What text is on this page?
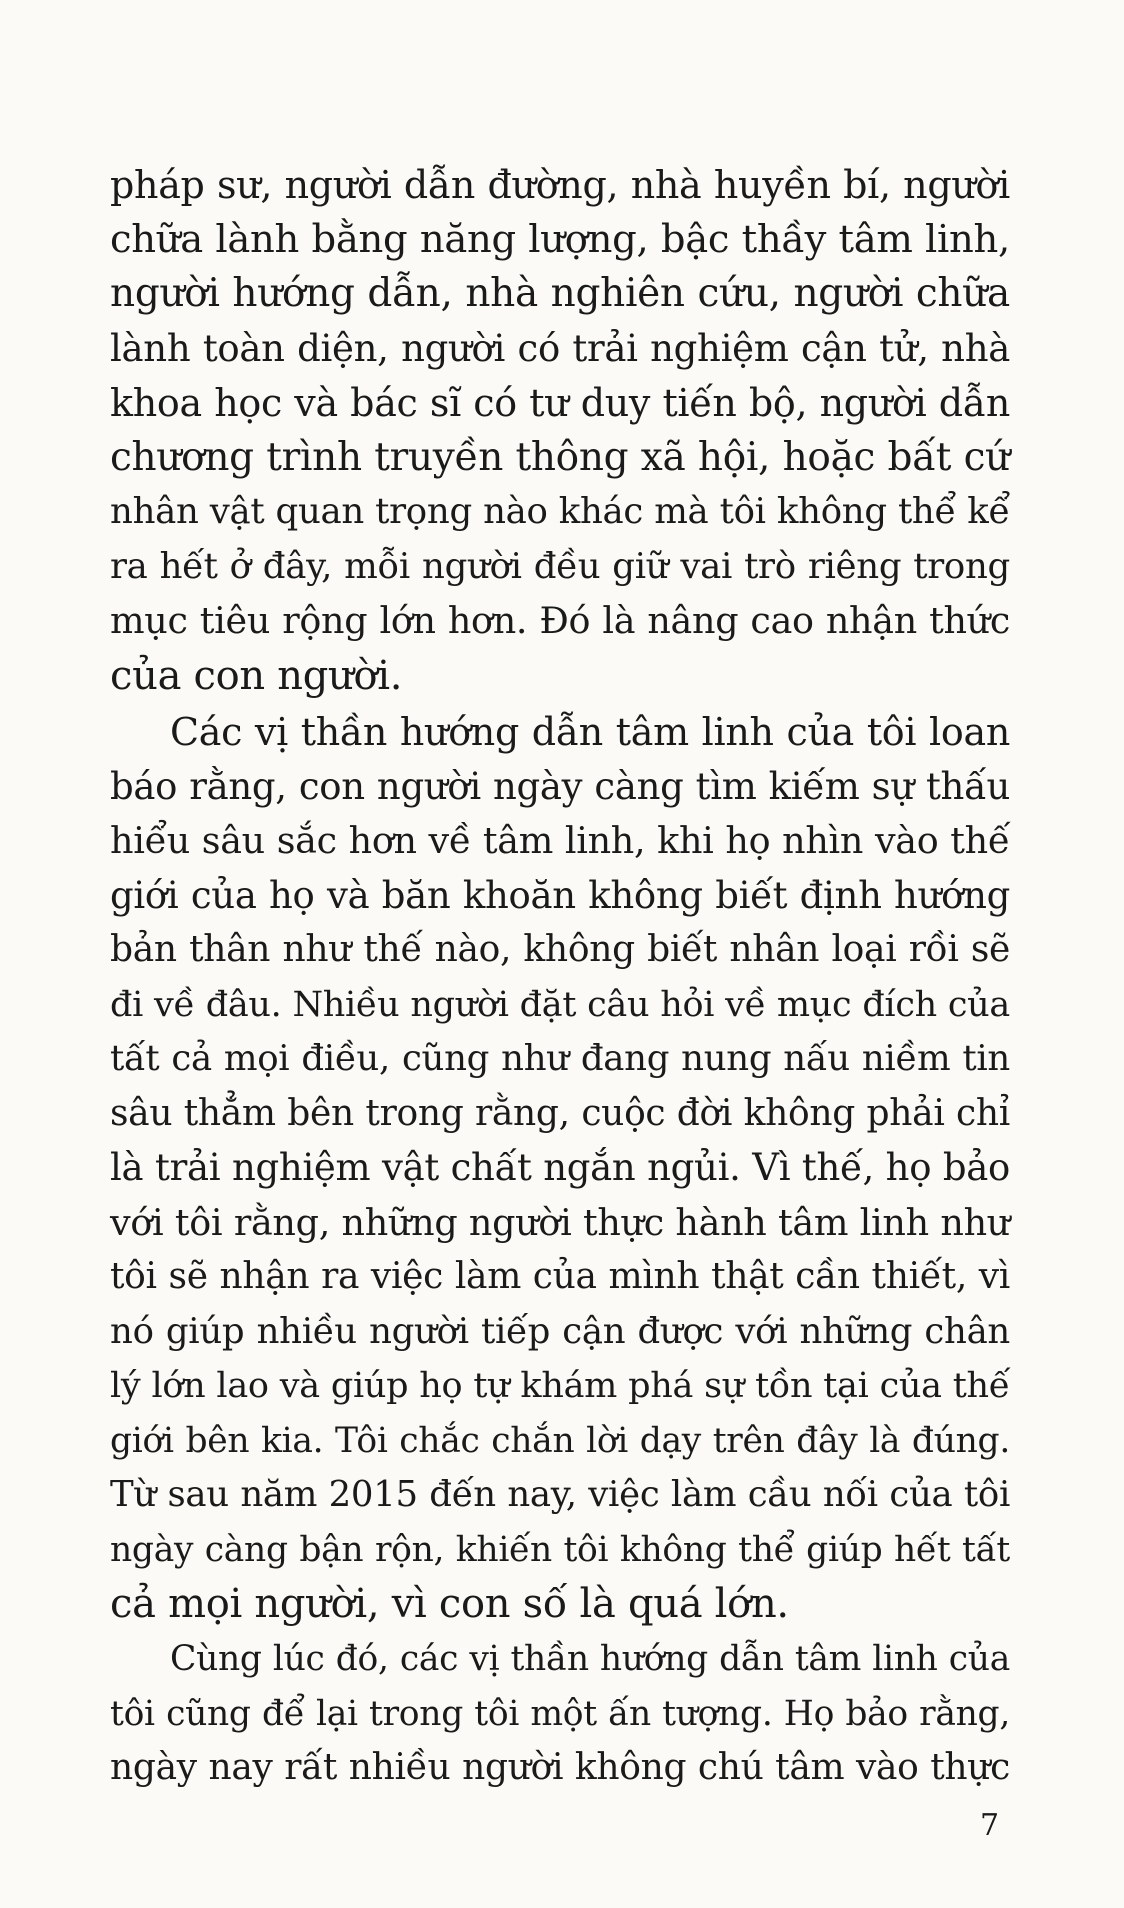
pháp sư, người dẫn đường, nhà huyền bí, người
chữa lành bằng năng lượng, bậc thầy tâm linh,
người hướng dẫn, nhà nghiên cứu, người chữa
lành toàn diện, người có trải nghiệm cận tử, nhà
khoa học và bác sĩ có tư duy tiến bộ, người dẫn
chương trình truyền thông xã hội, hoặc bất cứ
nhân vật quan trọng nào khác mà tôi không thể kể
ra hết ở đây, mỗi người đều giữ vai trò riêng trong
mục tiêu rộng lớn hơn. Đó là nâng cao nhận thức
của con người.
Các vị thần hướng dẫn tâm linh của tôi loan
báo rằng, con người ngày càng tìm kiếm sự thấu
hiểu sâu sắc hơn về tâm linh, khi họ nhìn vào thế
giới của họ và băn khoăn không biết định hướng
bản thân như thế nào, không biết nhân loại rồi sẽ
đi về đâu. Nhiều người đặt câu hỏi về mục đích của
tất cả mọi điều, cũng như đang nung nấu niềm tin
sâu thẳm bên trong rằng, cuộc đời không phải chỉ
là trải nghiệm vật chất ngắn ngủi. Vì thế, họ bảo
với tôi rằng, những người thực hành tâm linh như
tôi sẽ nhận ra việc làm của mình thật cần thiết, vì
nó giúp nhiều người tiếp cận được với những chân
lý lớn lao và giúp họ tự khám phá sự tồn tại của thế
giới bên kia. Tôi chắc chắn lời dạy trên đây là đúng.
Từ sau năm 2015 đến nay, việc làm cầu nối của tôi
ngày càng bận rộn, khiến tôi không thể giúp hết tất
cả mọi người, vì con số là quá lớn.
Cùng lúc đó, các vị thần hướng dẫn tâm linh của
tôi cũng để lại trong tôi một ấn tượng. Họ bảo rằng,
ngày nay rất nhiều người không chú tâm vào thực
7
